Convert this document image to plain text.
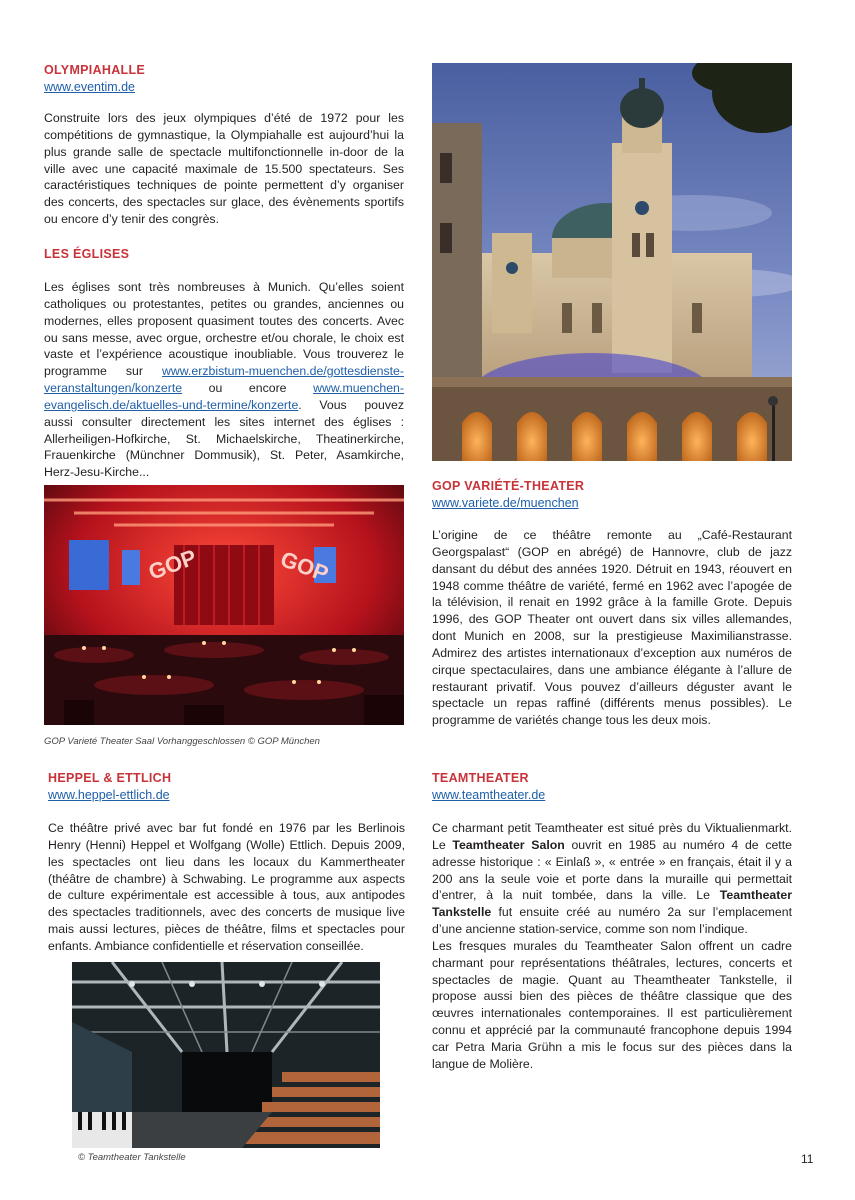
OLYMPIAHALLE
www.eventim.de

Construite lors des jeux olympiques d’été de 1972 pour les compétitions de gymnastique, la Olympiahalle est aujourd’hui la plus grande salle de spectacle multifonctionnelle in-door de la ville avec une capacité maximale de 15.500 spectateurs. Ses caractéristiques techniques de pointe permettent d’y organiser des concerts, des spectacles sur glace, des évènements sportifs ou encore d’y tenir des congrès.

LES ÉGLISES

Les églises sont très nombreuses à Munich. Qu’elles soient catholiques ou protestantes, petites ou grandes, anciennes ou modernes, elles proposent quasiment toutes des concerts. Avec ou sans messe, avec orgue, orchestre et/ou chorale, le choix est vaste et l’expérience acoustique inoubliable. Vous trouverez le programme sur www.erzbistum-muenchen.de/gottesdienste-veranstaltungen/konzerte ou encore www.muenchen-evangelisch.de/aktuelles-und-termine/konzerte. Vous pouvez aussi consulter directement les sites internet des églises : Allerheiligen-Hofkirche, St. Michaelskirche, Theatinerkirche, Frauenkirche (Münchner Dommusik), St. Peter, Asamkirche, Herz-Jesu-Kirche...

GOP VARIÉTÉ-THEATER
www.variete.de/muenchen

L’origine de ce théâtre remonte au „Café-Restaurant Georgspalast“ (GOP en abrégé) de Hannovre, club de jazz dansant du début des années 1920. Détruit en 1943, réouvert en 1948 comme théâtre de variété, fermé en 1962 avec l’apogée de la télévision, il renait en 1992 grâce à la famille Grote. Depuis 1996, des GOP Theater ont ouvert dans six villes allemandes, dont Munich en 2008, sur la prestigieuse Maximilianstrasse. Admirez des artistes internationaux d’exception aux numéros de cirque spectaculaires, dans une ambiance élégante à l’allure de restaurant privatif. Vous pouvez d’ailleurs déguster avant le spectacle un repas raffiné (différents menus possibles). Le programme de variétés change tous les deux mois.

GOP	GOP
GOP Varieté Theater Saal Vorhanggeschlossen © GOP München
HEPPEL & ETTLICH
www.heppel-ettlich.de

Ce théâtre privé avec bar fut fondé en 1976 par les Berlinois Henry (Henni) Heppel et Wolfgang (Wolle) Ettlich. Depuis 2009, les spectacles ont lieu dans les locaux du Kammertheater (théâtre de chambre) à Schwabing. Le programme aux aspects de culture expérimentale est accessible à tous, aux antipodes des spectacles traditionnels, avec des concerts de musique live mais aussi lectures, pièces de théâtre, films et spectacles pour enfants. Ambiance confidentielle et réservation conseillée.

© Teamtheater Tankstelle
TEAMTHEATER
www.teamtheater.de

Ce charmant petit Teamtheater est situé près du Viktualienmarkt. Le Teamtheater Salon ouvrit en 1985 au numéro 4 de cette adresse historique : « Einlaß », « entrée » en français, était il y a 200 ans la seule voie et porte dans la muraille qui permettait d’entrer, à la nuit tombée, dans la ville. Le Teamtheater Tankstelle fut ensuite créé au numéro 2a sur l’emplacement d’une ancienne station-service, comme son nom l’indique.

Les fresques murales du Teamtheater Salon offrent un cadre charmant pour représentations théâtrales, lectures, concerts et spectacles de magie. Quant au Theamtheater Tankstelle, il propose aussi bien des pièces de théâtre classique que des œuvres internationales contemporaines. Il est particulièrement connu et apprécié par la communauté francophone depuis 1994 car Petra Maria Grühn a mis le focus sur des pièces dans la langue de Molière.

11
